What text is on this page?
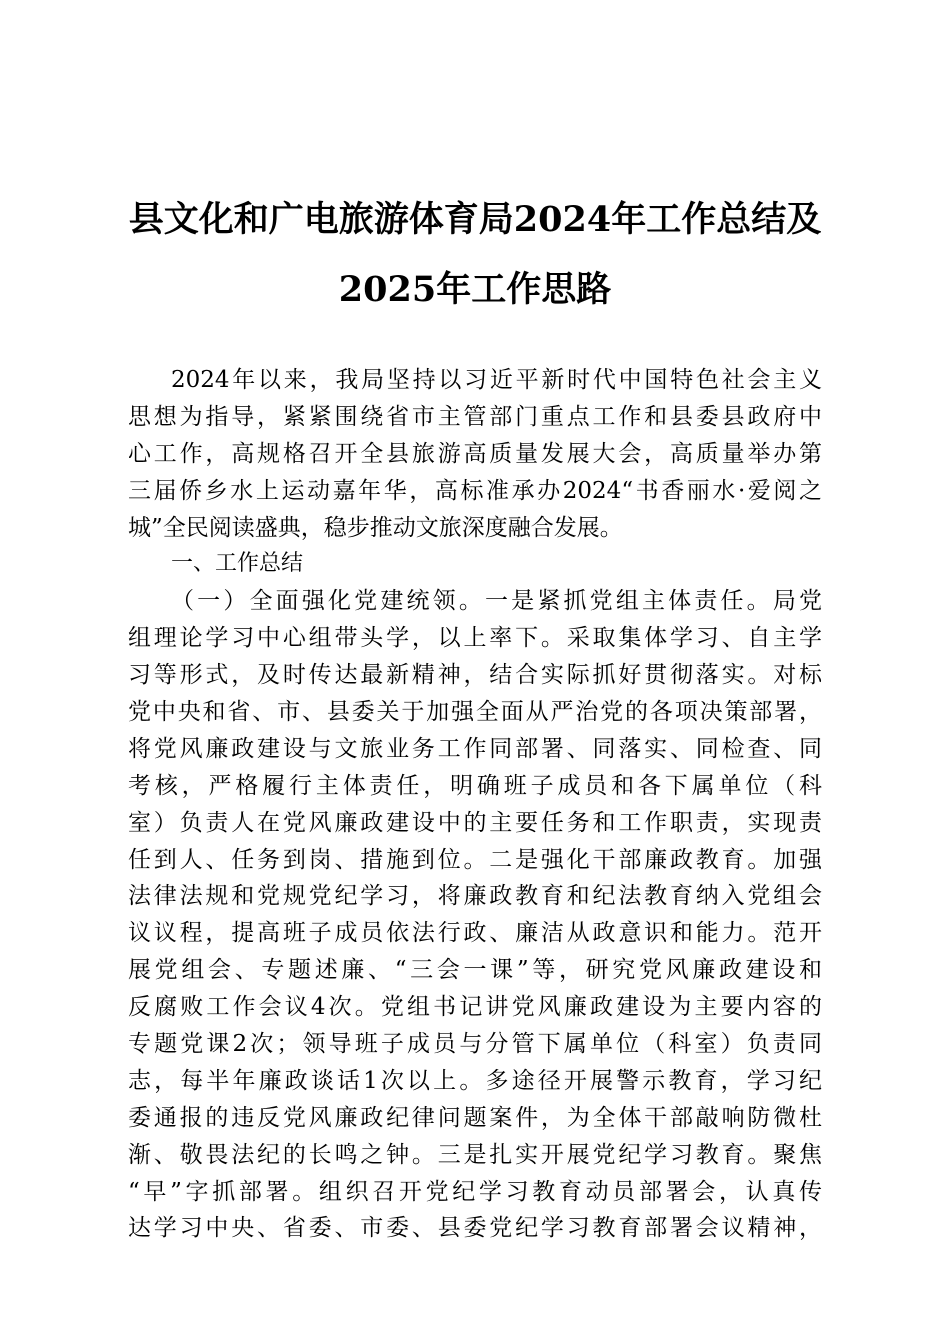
县文化和广电旅游体育局2024年工作总结及
2025年工作思路
2024年以来，我局坚持以习近平新时代中国特色社会主义
思想为指导，紧紧围绕省市主管部门重点工作和县委县政府中
心工作，高规格召开全县旅游高质量发展大会，高质量举办第
三届侨乡水上运动嘉年华，高标准承办2024“书香丽水·爱阅之
城”全民阅读盛典，稳步推动文旅深度融合发展。
一、工作总结
（一）全面强化党建统领。一是紧抓党组主体责任。局党
组理论学习中心组带头学，以上率下。采取集体学习、自主学
习等形式，及时传达最新精神，结合实际抓好贯彻落实。对标
党中央和省、市、县委关于加强全面从严治党的各项决策部署，
将党风廉政建设与文旅业务工作同部署、同落实、同检查、同
考核，严格履行主体责任，明确班子成员和各下属单位（科
室）负责人在党风廉政建设中的主要任务和工作职责，实现责
任到人、任务到岗、措施到位。二是强化干部廉政教育。加强
法律法规和党规党纪学习，将廉政教育和纪法教育纳入党组会
议议程，提高班子成员依法行政、廉洁从政意识和能力。范开
展党组会、专题述廉、“三会一课”等，研究党风廉政建设和
反腐败工作会议4次。党组书记讲党风廉政建设为主要内容的
专题党课2次；领导班子成员与分管下属单位（科室）负责同
志，每半年廉政谈话1次以上。多途径开展警示教育，学习纪
委通报的违反党风廉政纪律问题案件，为全体干部敲响防微杜
渐、敬畏法纪的长鸣之钟。三是扎实开展党纪学习教育。聚焦
“早”字抓部署。组织召开党纪学习教育动员部署会，认真传
达学习中央、省委、市委、县委党纪学习教育部署会议精神，
